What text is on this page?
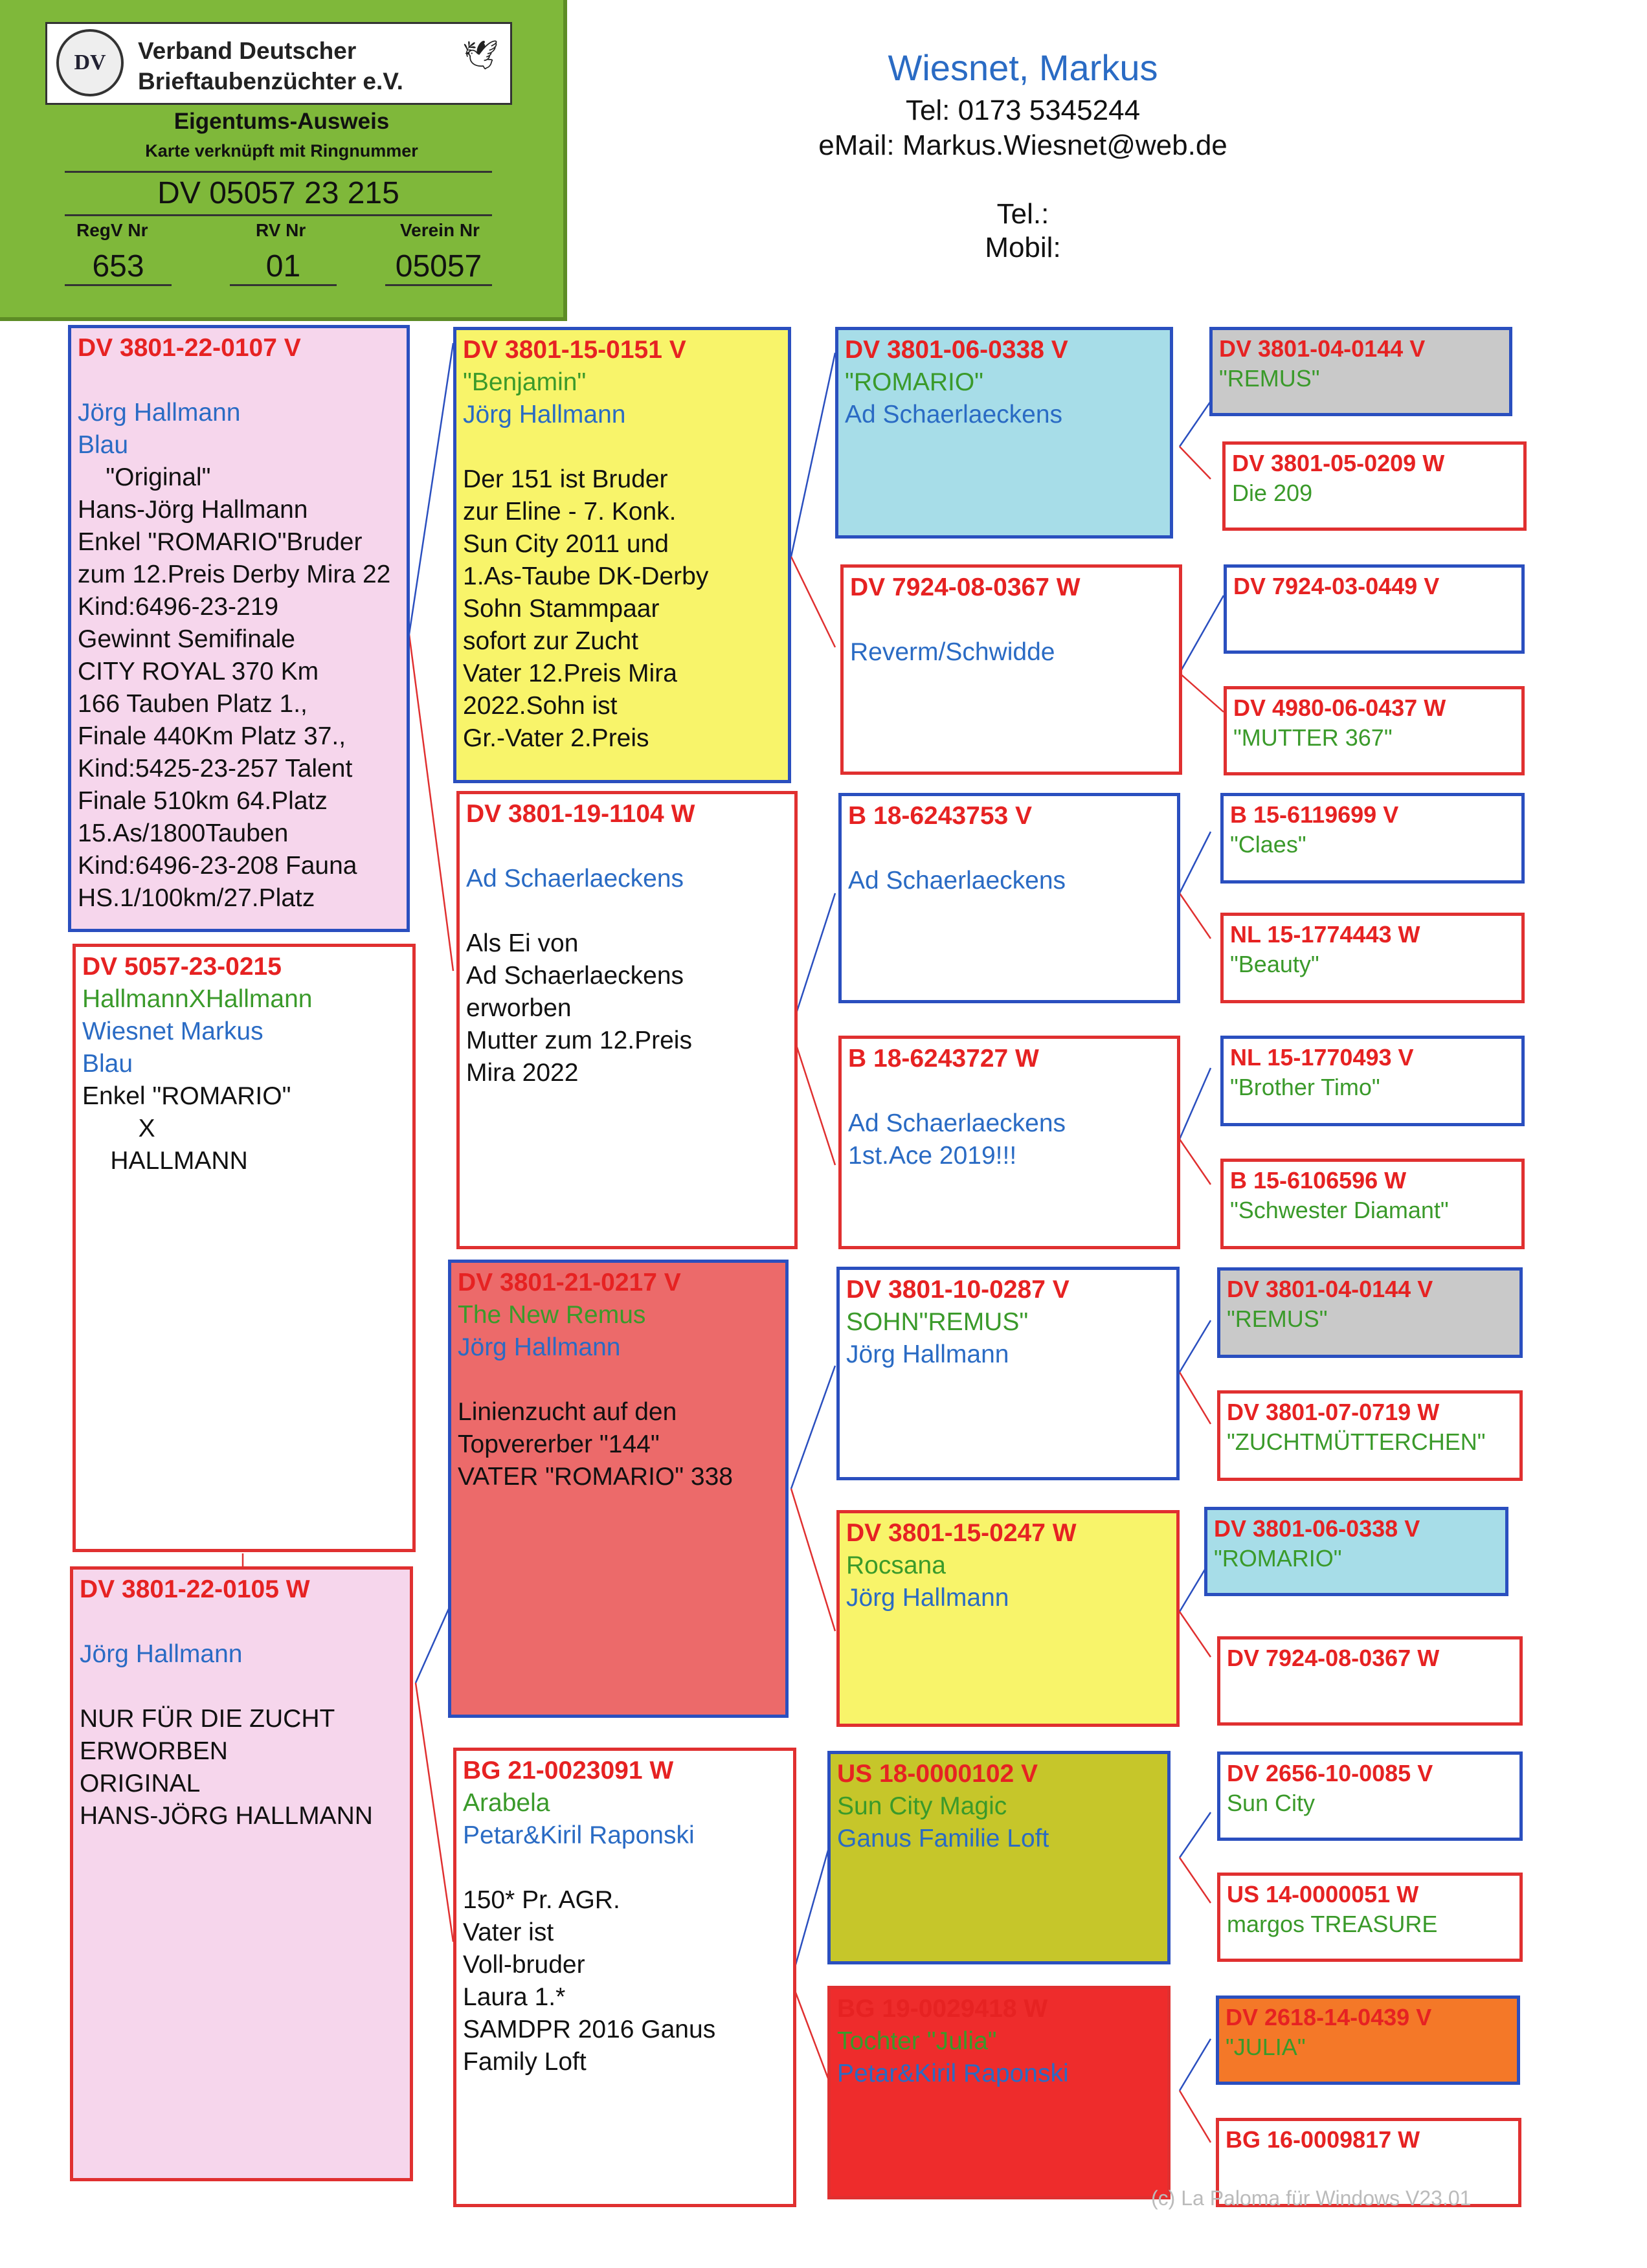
DV	Verband Deutscher
Brieftaubenzüchter e.V.
🕊
Eigentums-Ausweis
Karte verknüpft mit Ringnummer
DV 05057 23 215
RegV Nr	RV Nr	Verein Nr
653	01	05057
Wiesnet, Markus
Tel: 0173 5345244
eMail: Markus.Wiesnet@web.de
Tel.:
Mobil:
DV 3801-22-0107 V
Jörg Hallmann
Blau
"Original"
Hans-Jörg Hallmann
Enkel "ROMARIO"Bruder
zum 12.Preis Derby Mira 22
Kind:6496-23-219
Gewinnt Semifinale
CITY ROYAL 370 Km
166 Tauben Platz 1.,
Finale 440Km Platz 37.,
Kind:5425-23-257 Talent
Finale 510km 64.Platz
15.As/1800Tauben
Kind:6496-23-208 Fauna
HS.1/100km/27.Platz
DV 5057-23-0215
HallmannXHallmann
Wiesnet Markus
Blau
Enkel "ROMARIO"
X
HALLMANN
DV 3801-22-0105 W
Jörg Hallmann
NUR FÜR DIE ZUCHT
ERWORBEN
ORIGINAL
HANS-JÖRG HALLMANN
DV 3801-15-0151 V
"Benjamin"
Jörg Hallmann
Der 151 ist Bruder
zur Eline - 7. Konk.
Sun City 2011 und
1.As-Taube DK-Derby
Sohn Stammpaar
sofort zur Zucht
Vater 12.Preis Mira
2022.Sohn ist
Gr.-Vater 2.Preis
DV 3801-19-1104 W
Ad Schaerlaeckens
Als Ei von
Ad Schaerlaeckens
erworben
Mutter zum 12.Preis
Mira 2022
DV 3801-21-0217 V
The New Remus
Jörg Hallmann
Linienzucht auf den
Topvererber "144"
VATER "ROMARIO" 338
BG 21-0023091 W
Arabela
Petar&Kiril Raponski
150* Pr. AGR.
Vater ist
Voll-bruder
Laura 1.*
SAMDPR 2016 Ganus
Family Loft
DV 3801-06-0338 V
"ROMARIO"
Ad Schaerlaeckens
DV 7924-08-0367 W
Reverm/Schwidde
B 18-6243753 V
Ad Schaerlaeckens
B 18-6243727 W
Ad Schaerlaeckens
1st.Ace 2019!!!
DV 3801-10-0287 V
SOHN"REMUS"
Jörg Hallmann
DV 3801-15-0247 W
Rocsana
Jörg Hallmann
US 18-0000102 V
Sun City Magic
Ganus Familie Loft
BG 19-0029418 W
Tochter "Julia"
Petar&Kiril Raponski
DV 3801-04-0144 V
"REMUS"
DV 3801-05-0209 W
Die 209
DV 7924-03-0449 V
DV 4980-06-0437 W
"MUTTER 367"
B 15-6119699 V
"Claes"
NL 15-1774443 W
"Beauty"
NL 15-1770493 V
"Brother Timo"
B 15-6106596 W
"Schwester Diamant"
DV 3801-04-0144 V
"REMUS"
DV 3801-07-0719 W
"ZUCHTMÜTTERCHEN"
DV 3801-06-0338 V
"ROMARIO"
DV 7924-08-0367 W
DV 2656-10-0085 V
Sun City
US 14-0000051 W
margos TREASURE
DV 2618-14-0439 V
"JULIA"
BG 16-0009817 W
(c) La Paloma für Windows V23.01
